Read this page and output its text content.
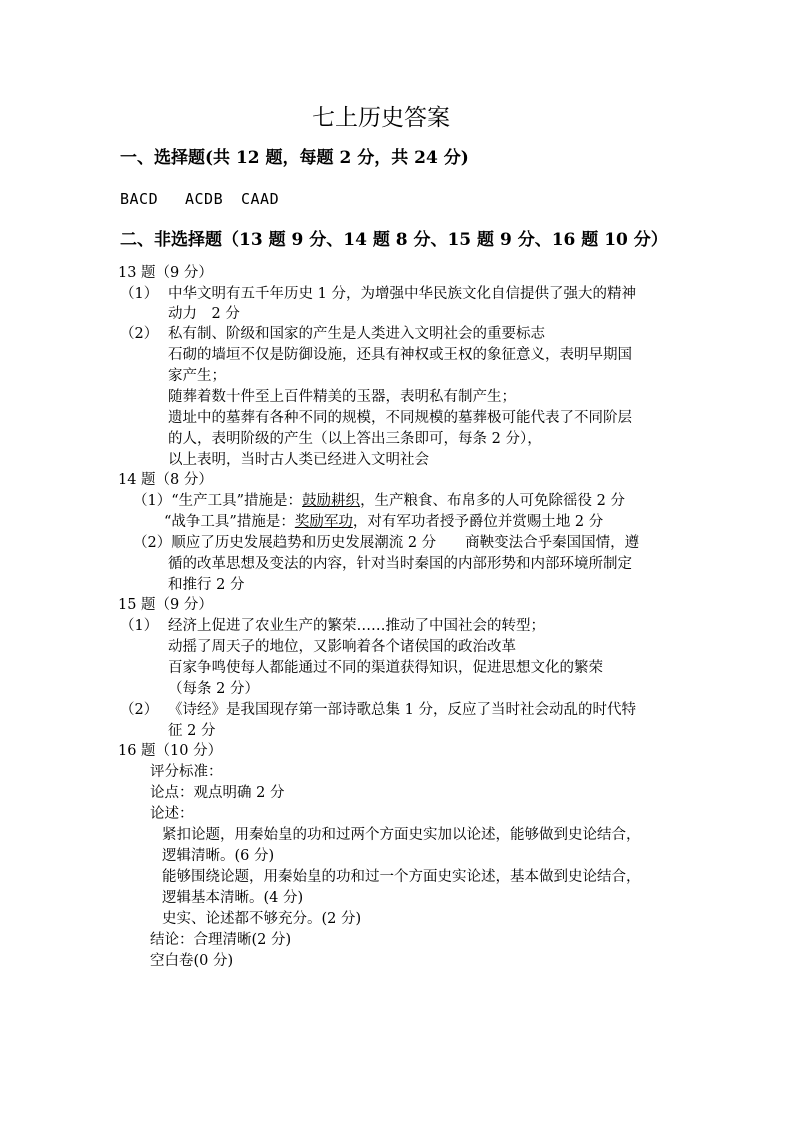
七上历史答案
一、选择题(共 12 题，每题 2 分，共 24 分)
BACD ACDB CAAD
二、非选择题（13 题 9 分、14 题 8 分、15 题 9 分、16 题 10 分）
13 题（9 分）
（1） 中华文明有五千年历史 1 分，为增强中华民族文化自信提供了强大的精神
动力　2 分
（2） 私有制、阶级和国家的产生是人类进入文明社会的重要标志
石砌的墙垣不仅是防御设施，还具有神权或王权的象征意义，表明早期国
家产生；
随葬着数十件至上百件精美的玉器，表明私有制产生；
遗址中的墓葬有各种不同的规模，不同规模的墓葬极可能代表了不同阶层
的人，表明阶级的产生（以上答出三条即可，每条 2 分），
以上表明，当时古人类已经进入文明社会
14 题（8 分）
（1）“生产工具”措施是：鼓励耕织，生产粮食、布帛多的人可免除徭役 2 分
“战争工具”措施是：奖励军功，对有军功者授予爵位并赏赐土地 2 分
（2）顺应了历史发展趋势和历史发展潮流 2 分　　商鞅变法合乎秦国国情，遵
循的改革思想及变法的内容，针对当时秦国的内部形势和内部环境所制定
和推行 2 分
15 题（9 分）
（1） 经济上促进了农业生产的繁荣……推动了中国社会的转型；
动摇了周天子的地位，又影响着各个诸侯国的政治改革
百家争鸣使每人都能通过不同的渠道获得知识，促进思想文化的繁荣
（每条 2 分）
（2） 《诗经》是我国现存第一部诗歌总集 1 分，反应了当时社会动乱的时代特
征 2 分
16 题（10 分）
评分标准：
论点：观点明确 2 分
论述：
紧扣论题，用秦始皇的功和过两个方面史实加以论述，能够做到史论结合，
逻辑清晰。(6 分)
能够围绕论题，用秦始皇的功和过一个方面史实论述，基本做到史论结合，
逻辑基本清晰。(4 分)
史实、论述都不够充分。(2 分)
结论：合理清晰(2 分)
空白卷(0 分)
